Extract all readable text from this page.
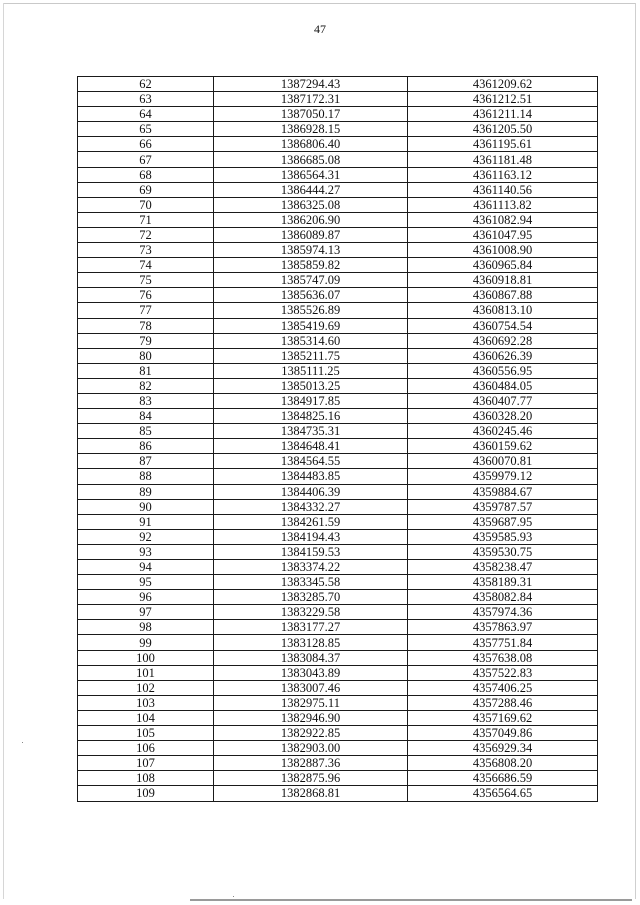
47
62	1387294.43	4361209.62
63	1387172.31	4361212.51
64	1387050.17	4361211.14
65	1386928.15	4361205.50
66	1386806.40	4361195.61
67	1386685.08	4361181.48
68	1386564.31	4361163.12
69	1386444.27	4361140.56
70	1386325.08	4361113.82
71	1386206.90	4361082.94
72	1386089.87	4361047.95
73	1385974.13	4361008.90
74	1385859.82	4360965.84
75	1385747.09	4360918.81
76	1385636.07	4360867.88
77	1385526.89	4360813.10
78	1385419.69	4360754.54
79	1385314.60	4360692.28
80	1385211.75	4360626.39
81	1385111.25	4360556.95
82	1385013.25	4360484.05
83	1384917.85	4360407.77
84	1384825.16	4360328.20
85	1384735.31	4360245.46
86	1384648.41	4360159.62
87	1384564.55	4360070.81
88	1384483.85	4359979.12
89	1384406.39	4359884.67
90	1384332.27	4359787.57
91	1384261.59	4359687.95
92	1384194.43	4359585.93
93	1384159.53	4359530.75
94	1383374.22	4358238.47
95	1383345.58	4358189.31
96	1383285.70	4358082.84
97	1383229.58	4357974.36
98	1383177.27	4357863.97
99	1383128.85	4357751.84
100	1383084.37	4357638.08
101	1383043.89	4357522.83
102	1383007.46	4357406.25
103	1382975.11	4357288.46
104	1382946.90	4357169.62
105	1382922.85	4357049.86
106	1382903.00	4356929.34
107	1382887.36	4356808.20
108	1382875.96	4356686.59
109	1382868.81	4356564.65
